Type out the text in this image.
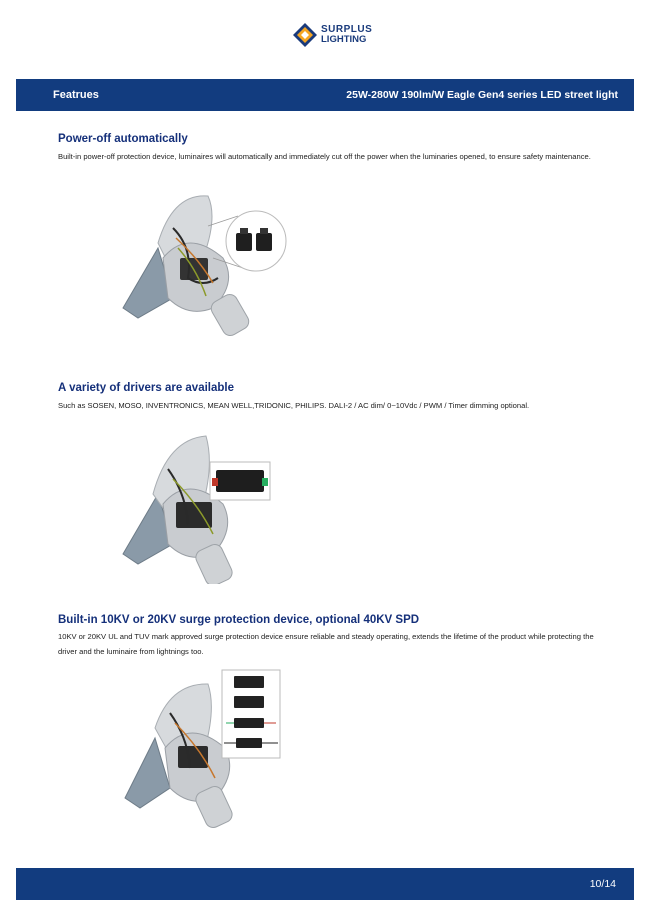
SURPLUS
LIGHTING
Featrues	25W-280W 190lm/W Eagle Gen4 series LED street light
Power-off automatically
Built-in power-off protection device, luminaires will automatically and immediately cut off the power when the luminaries opened, to ensure safety maintenance.
A variety of drivers are available
Such as SOSEN, MOSO, INVENTRONICS, MEAN WELL,TRIDONIC, PHILIPS. DALI-2 / AC dim/ 0~10Vdc / PWM / Timer dimming optional.
Built-in 10KV or 20KV surge protection device, optional 40KV SPD
10KV or 20KV UL and TUV mark approved surge protection device ensure reliable and steady operating, extends the lifetime of the product while protecting the driver and the luminaire from lightnings too.
10/14
